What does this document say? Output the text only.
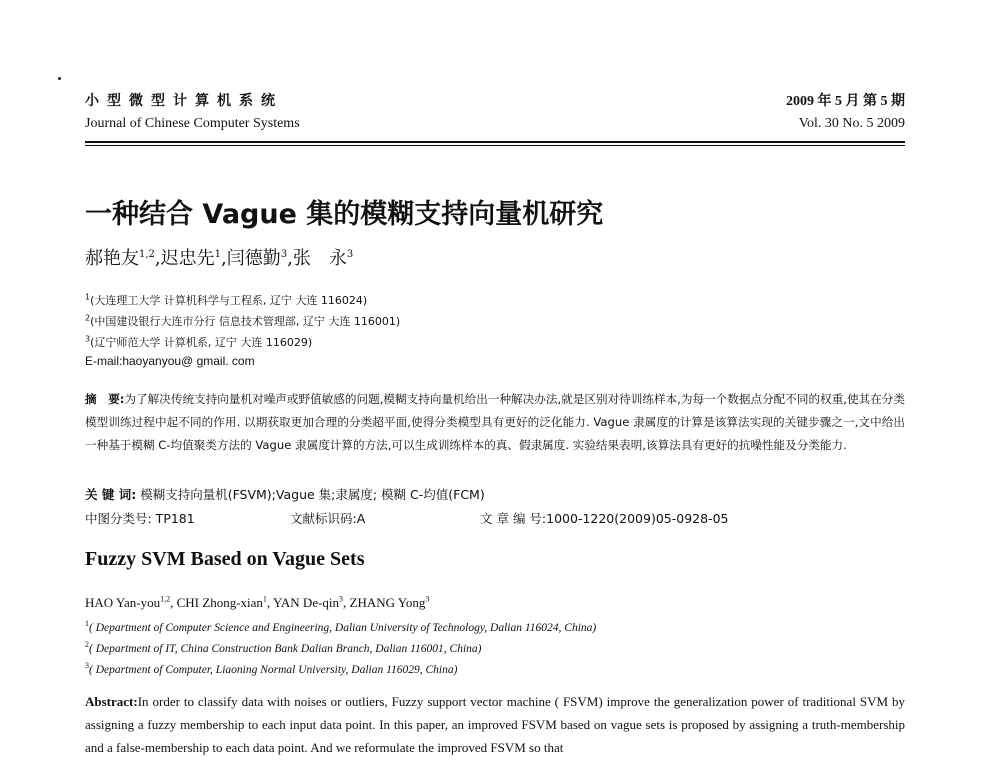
小型微型计算机系统
Journal of Chinese Computer Systems
2009 年 5 月 第 5 期
Vol. 30 No. 5 2009
一种结合 Vague 集的模糊支持向量机研究
郝艳友$^{1,2}$,迟忠先$^1$,闫德勤$^3$,张　永$^3$
$^1$(大连理工大学 计算机科学与工程系, 辽宁 大连 116024)
$^2$(中国建设银行大连市分行 信息技术管理部, 辽宁 大连 116001)
$^3$(辽宁师范大学 计算机系, 辽宁 大连 116029)
E-mail:haoyanyou@ gmail. com
摘　要:为了解决传统支持向量机对噪声或野值敏感的问题,模糊支持向量机给出一种解决办法,就是区别对待训练样本,为每一个数据点分配不同的权重,使其在分类模型训练过程中起不同的作用. 以期获取更加合理的分类超平面,使得分类模型具有更好的泛化能力. Vague 隶属度的计算是该算法实现的关键步骤之一,文中给出一种基于模糊 C-均值聚类方法的 Vague 隶属度计算的方法,可以生成训练样本的真、假隶属度. 实验结果表明,该算法具有更好的抗噪性能及分类能力.
关 键 词: 模糊支持向量机(FSVM);Vague 集;隶属度; 模糊 C-均值(FCM)
中图分类号: TP181	文献标识码:A	文 章 编 号:1000-1220(2009)05-0928-05
Fuzzy SVM Based on Vague Sets
HAO Yan-you$^{1,2}$, CHI Zhong-xian$^1$, YAN De-qin$^3$, ZHANG Yong$^3$
$^1$( Department of Computer Science and Engineering, Dalian University of Technology, Dalian 116024, China)
$^2$( Department of IT, China Construction Bank Dalian Branch, Dalian 116001, China)
$^3$( Department of Computer, Liaoning Normal University, Dalian 116029, China)
Abstract:In order to classify data with noises or outliers, Fuzzy support vector machine ( FSVM) improve the generalization power of traditional SVM by assigning a fuzzy membership to each input data point. In this paper, an improved FSVM based on vague sets is proposed by assigning a truth-membership and a false-membership to each data point. And we reformulate the improved FSVM so that
